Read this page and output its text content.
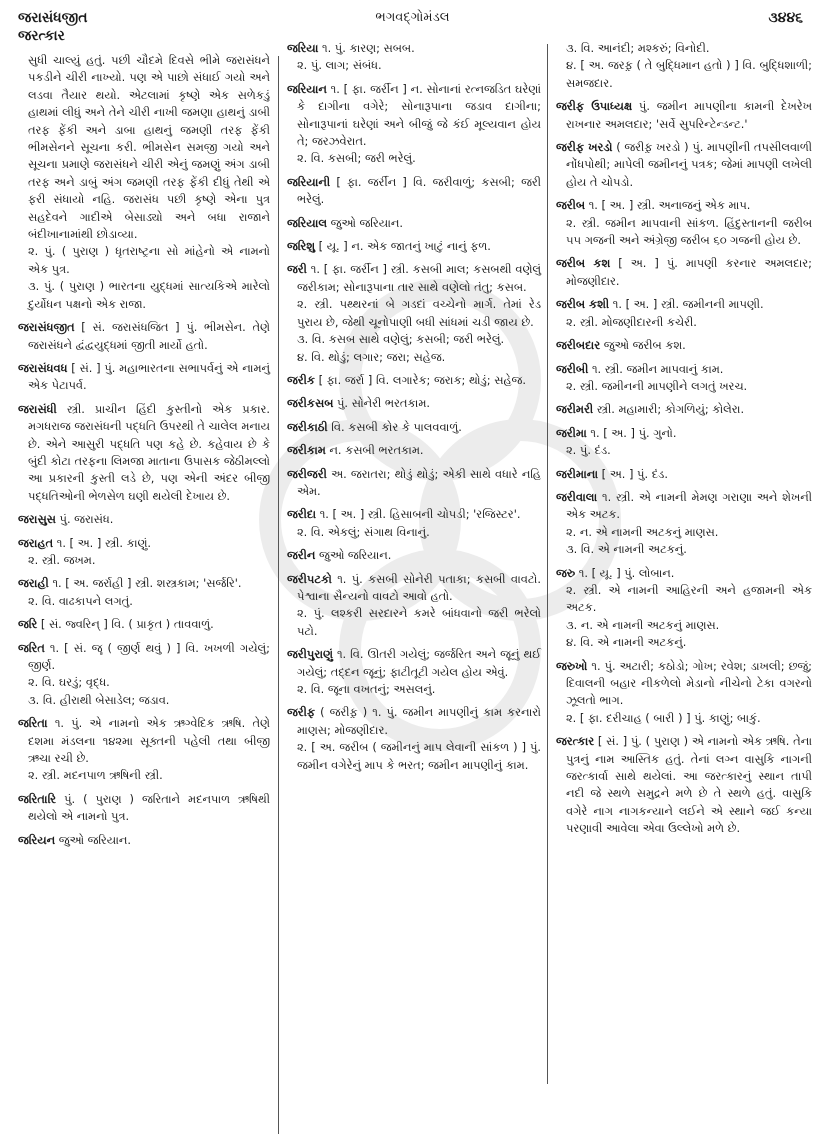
જરાસંધજીત	ભગવદ્ગોમંડલ	૩૪૪૬
જરત્કાર
સુધી ચાલ્યું હતું. પછી ચૌદમે દિવસે ભીમે જરાસંધને પકડીને ચીરી નાખ્યો. પણ એ પાછો સંધાઈ ગયો અને લડવા તૈયાર થયો. એટલામાં કૃષ્ણે એક સળેકડું હાથમાં લીધું અને તેને ચીરી નાખી જમણા હાથનું ડાબી તરફ ફેંકી અને ડાબા હાથનું જમણી તરફ ફેંકી ભીમસેનને સૂચના કરી. ભીમસેન સમજી ગયો અને સૂચના પ્રમાણે જરાસંધને ચીરી એનું જમણું અંગ ડાબી તરફ અને ડાબું અંગ જમણી તરફ ફેંકી દીધું તેથી એ ફરી સંધાયો નહિ. જરાસંધ પછી કૃષ્ણે એના પુત્ર સહદેવને ગાદીએ બેસાડ્યો અને બધા રાજાને બંદીખાનામાંથી છોડાવ્યા.
૨. પું. ( પુરાણ ) ધૃતરાષ્ટ્રના સો માંહેનો એ નામનો એક પુત્ર.
૩. પું. ( પુરાણ ) ભારતના યુદ્ધમાં સાત્યકિએ મારેલો દુર્યોધન પક્ષનો એક રાજા.
જરાસંધજીત [ સં. જરાસંધજિત ] પું. ભીમસેન. તેણે જરાસંધને દ્વંદ્વયુદ્ધમાં જીતી માર્યો હતો.
જરાસંધવધ [ સં. ] પું. મહાભારતના સભાપર્વનું એ નામનું એક પેટાપર્વ.
જરાસંધી સ્ત્રી. પ્રાચીન હિંદી કુસ્તીનો એક પ્રકાર. મગધરાજ જરાસંધની પદ્ધતિ ઉપરથી તે ચાલેલ મનાય છે. એને આસુરી પદ્ધતિ પણ કહે છે. કહેવાય છે કે બુંદી કોટા તરફના લિમજા માતાના ઉપાસક જેઠીમલ્લો આ પ્રકારની કુસ્તી લડે છે, પણ એની અંદર બીજી પદ્ધતિઓની ભેળસેળ ઘણી થયેલી દેખાય છે.
જરાસુસ પું. જરાસંધ.
જરાહત ૧. [ અ. ] સ્ત્રી. કાણું.
૨. સ્ત્રી. જખમ.
જરાહી ૧. [ અ. જર્રાહી ] સ્ત્રી. શસ્ત્રકામ; 'સર્જરિ'.
૨. વિ. વાઢકાપને લગતું.
જરિ [ સં. જ્વરિન્ ] વિ. ( પ્રાકૃત ) તાવવાળું.
જરિત ૧. [ સં. જૄ ( જીર્ણ થવું ) ] વિ. ખખળી ગયેલું; જીર્ણ.
૨. વિ. ઘરડું; વૃદ્ધ.
૩. વિ. હીરાથી બેસાડેલ; જડાવ.
જરિતા ૧. પું. એ નામનો એક ઋગ્વેદિક ઋષિ. તેણે દશમા મંડલના ૧૪૨મા સૂક્તની પહેલી તથા બીજી ઋચા રચી છે.
૨. સ્ત્રી. મદનપાળ ઋષિની સ્ત્રી.
જરિતારિ પું. ( પુરાણ ) જરિતાને મદનપાળ ઋષિથી થયેલો એ નામનો પુત્ર.
જરિયન જુઓ જરિયાન.
જરિયા ૧. પું. કારણ; સબબ.
૨. પું. લાગ; સંબંધ.
જરિયાન ૧. [ ફા. જર્રીન ] ન. સોનાનાં રત્નજડિત ઘરેણાં કે દાગીના વગેરે; સોનારૂપાના જડાવ દાગીના; સોનારૂપાનાં ઘરેણાં અને બીજું જે કંઈ મૂલ્યવાન હોય તે; જરઝવેરાત.
૨. વિ. કસબી; જરી ભરેલું.
જરિયાની [ ફા. જર્રીન ] વિ. જરીવાળું; કસબી; જરી ભરેલું.
જરિયાલ જુઓ જરિયાન.
જરિશુ [ યૂ. ] ન. એક જાતનું ખાટું નાનું ફળ.
જરી ૧. [ ફા. જર્રીન ] સ્ત્રી. કસબી માલ; કસબથી વણેલું જરીકામ; સોનારૂપાના તાર સાથે વણેલો તંતુ; કસબ.
૨. સ્ત્રી. પથ્થરનાં બે ગડદાં વચ્ચેનો માર્ગ. તેમાં રેડ પુરાય છે, જેથી ચૂનોપાણી બધી સાંધમાં ચડી જાય છે.
૩. વિ. કસબ સાથે વણેલું; કસબી; જરી ભરેલું.
૪. વિ. થોડું; લગાર; જરા; સહેજ.
જરીક [ ફા. જર્રા ] વિ. લગારેક; જરાક; થોડું; સહેજ.
જરીકસબ પું. સોનેરી ભરતકામ.
જરીકાઠી વિ. કસબી કોર કે પાલવવાળું.
જરીકામ ન. કસબી ભરતકામ.
જરીજરી અ. જરાતરા; થોડું થોડું; એકી સાથે વધારે નહિ એમ.
જરીદા ૧. [ અ. ] સ્ત્રી. હિસાબની ચોપડી; 'રજિસ્ટર'.
૨. વિ. એકલું; સંગાથ વિનાનું.
જરીન જુઓ જરિયાન.
જરીપટકો ૧. પું. કસબી સોનેરી પતાકા; કસબી વાવટો. પેશ્વાના સૈન્યનો વાવટો આવો હતો.
૨. પું. લશ્કરી સરદારને કમરે બાંધવાનો જરી ભરેલો પટો.
જરીપુરાણું ૧. વિ. ઊતરી ગયેલું; જર્જરિત અને જૂનું થઈ ગયેલું; તદ્દન જૂનું; ફાટીતૂટી ગયેલ હોય એવું.
૨. વિ. જૂના વખતનું; અસલનું.
જરીફ ( જરીફ઼ ) ૧. પું. જમીન માપણીનું કામ કરનારો માણસ; મોજણીદાર.
૨. [ અ. જરીબ ( જમીનનું માપ લેવાની સાંકળ ) ] પું. જમીન વગેરેનું માપ કે ભરત; જમીન માપણીનું કામ.
૩. વિ. આનંદી; મશ્કરું; વિનોદી.
૪. [ અ. જરફ઼ ( તે બુદ્ધિમાન હતો ) ] વિ. બુદ્ધિશાળી; સમજદાર.
જરીફ ઉપાધ્યક્ષ પું. જમીન માપણીના કામની દેખરેખ રાખનાર અમલદાર; 'સર્વે સુપરિન્ટેન્ડન્ટ.'
જરીફ ખરડો ( જરીફ઼ ખરડો ) પું. માપણીની તપસીલવાળી નોંધપોથી; માપેલી જમીનનું પત્રક; જેમાં માપણી લખેલી હોય તે ચોપડો.
જરીબ ૧. [ અ. ] સ્ત્રી. અનાજનું એક માપ.
૨. સ્ત્રી. જમીન માપવાની સાંકળ. હિંદુસ્તાનની જરીબ ૫૫ ગજની અને અંગ્રેજી જરીબ ૬૦ ગજની હોય છે.
જરીબ કશ [ અ. ] પું. માપણી કરનાર અમલદાર; મોજણીદાર.
જરીબ કશી ૧. [ અ. ] સ્ત્રી. જમીનની માપણી.
૨. સ્ત્રી. મોજણીદારની કચેરી.
જરીબદાર જુઓ જરીબ કશ.
જરીબી ૧. સ્ત્રી. જમીન માપવાનું કામ.
૨. સ્ત્રી. જમીનની માપણીને લગતું ખરચ.
જરીમરી સ્ત્રી. મહામારી; કોગળિયું; કોલેરા.
જરીમા ૧. [ અ. ] પું. ગુનો.
૨. પું. દંડ.
જરીમાના [ અ. ] પું. દંડ.
જરીવાલા ૧. સ્ત્રી. એ નામની મેમણ ગરાણા અને શેખની એક અટક.
૨. ન. એ નામની અટકનું માણસ.
૩. વિ. એ નામની અટકનું.
જરુ ૧. [ યૂ. ] પું. લોબાન.
૨. સ્ત્રી. એ નામની આહિરની અને હજામની એક અટક.
૩. ન. એ નામની અટકનું માણસ.
૪. વિ. એ નામની અટકનું.
જરુખો ૧. પું. અટારી; કઠોડો; ગોખ; રવેશ; ડાખલી; છજું; દિવાલની બહાર નીકળેલો મેડાનો નીચેનો ટેકા વગરનો ઝૂલતો ભાગ.
૨. [ ફા. દરીચાહ ( બારી ) ] પું. કાણું; બાકું.
જરત્કાર [ સં. ] પું. ( પુરાણ ) એ નામનો એક ઋષિ. તેના પુત્રનું નામ આસ્તિક હતું. તેનાં લગ્ન વાસુકિ નાગની જરત્કાર્વા સાથે થયેલાં. આ જરત્કારનું સ્થાન તાપી નદી જે સ્થળે સમુદ્રને મળે છે તે સ્થળે હતું. વાસુકિ વગેરે નાગ નાગકન્યાને લઈને એ સ્થાને જઈ કન્યા પરણાવી આવેલા એવા ઉલ્લેખો મળે છે.
